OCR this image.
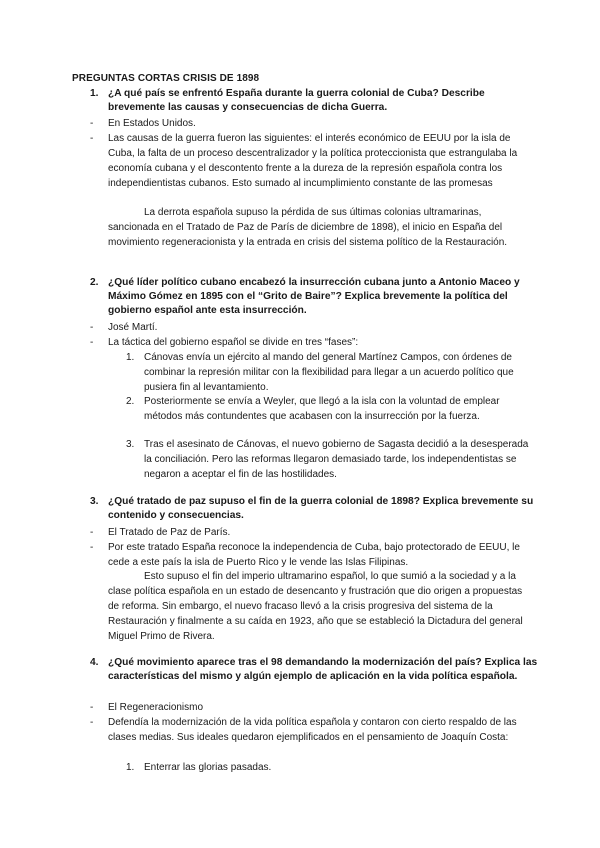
PREGUNTAS CORTAS CRISIS DE 1898
1. ¿A qué país se enfrentó España durante la guerra colonial de Cuba? Describe brevemente las causas y consecuencias de dicha Guerra.
- En Estados Unidos.
- Las causas de la guerra fueron las siguientes: el interés económico de EEUU por la isla de Cuba, la falta de un proceso descentralizador y la política proteccionista que estrangulaba la economía cubana y el descontento frente a la dureza de la represión española contra los independientistas cubanos. Esto sumado al incumplimiento constante de las promesas
La derrota española supuso la pérdida de sus últimas colonias ultramarinas, sancionada en el Tratado de Paz de París de diciembre de 1898), el inicio en España del movimiento regeneracionista y la entrada en crisis del sistema político de la Restauración.
2. ¿Qué líder político cubano encabezó la insurrección cubana junto a Antonio Maceo y Máximo Gómez en 1895 con el “Grito de Baire”? Explica brevemente la política del gobierno español ante esta insurrección.
- José Martí.
- La táctica del gobierno español se divide en tres “fases”:
1. Cánovas envía un ejército al mando del general Martínez Campos, con órdenes de combinar la represión militar con la flexibilidad para llegar a un acuerdo político que pusiera fin al levantamiento.
2. Posteriormente se envía a Weyler, que llegó a la isla con la voluntad de emplear métodos más contundentes que acabasen con la insurrección por la fuerza.
3. Tras el asesinato de Cánovas, el nuevo gobierno de Sagasta decidió a la desesperada la conciliación. Pero las reformas llegaron demasiado tarde, los independentistas se negaron a aceptar el fin de las hostilidades.
3. ¿Qué tratado de paz supuso el fin de la guerra colonial de 1898? Explica brevemente su contenido y consecuencias.
- El Tratado de Paz de París.
- Por este tratado España reconoce la independencia de Cuba, bajo protectorado de EEUU, le cede a este país la isla de Puerto Rico y le vende las Islas Filipinas.
Esto supuso el fin del imperio ultramarino español, lo que sumió a la sociedad y a la clase política española en un estado de desencanto y frustración que dio origen a propuestas de reforma. Sin embargo, el nuevo fracaso llevó a la crisis progresiva del sistema de la Restauración y finalmente a su caída en 1923, año que se estableció la Dictadura del general Miguel Primo de Rivera.
4. ¿Qué movimiento aparece tras el 98 demandando la modernización del país? Explica las características del mismo y algún ejemplo de aplicación en la vida política española.
- El Regeneracionismo
- Defendía la modernización de la vida política española y contaron con cierto respaldo de las clases medias. Sus ideales quedaron ejemplificados en el pensamiento de Joaquín Costa:
1. Enterrar las glorias pasadas.
